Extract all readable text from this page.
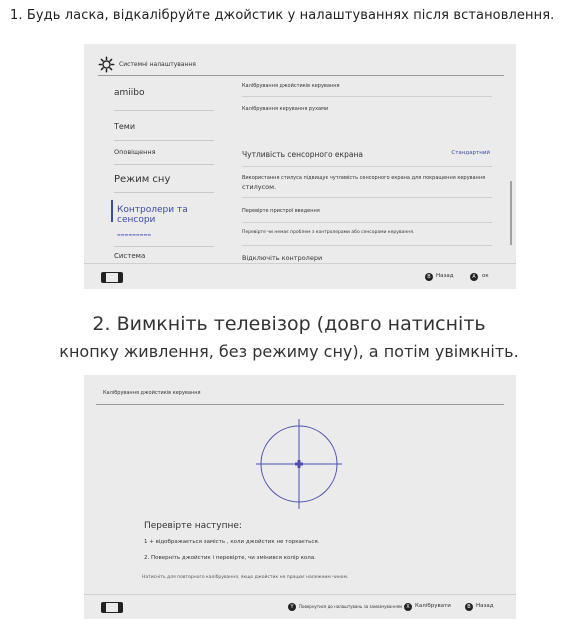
1. Будь ласка, відкалібруйте джойстик у налаштуваннях після встановлення.
Системні налаштування
amiibo
Теми
Оповіщення
Режим сну
Контролери та сенсори
▬▬▬▬▬▬▬▬▬
Система
Калібрування джойстиків керування
Калібрування керування рухами
Чутливість сенсорного екрана	Стандартний
Використання стилуса підвищує чутливість сенсорного екрана для покращення керування
стилусом.
Перевірте пристрої введення
Перевірте чи немає проблем з контролерами або сенсорами керування.
Відключіть контролери
B Назад	A	ок
2. Вимкніть телевізор (довго натисніть
кнопку живлення, без режиму сну), а потім увімкніть.
Калібрування джойстиків керування
Перевірте наступне:
1 + відображається замість , коли джойстик не торкається.
2. Поверніть джойстик і перевірте, чи змінився колір кола.
Натисніть для повторного калібрування, якщо джойстик не працює належним чином.
Y	Повернутися до налаштувань за замовчуванням X Калібрувати	B Назад
